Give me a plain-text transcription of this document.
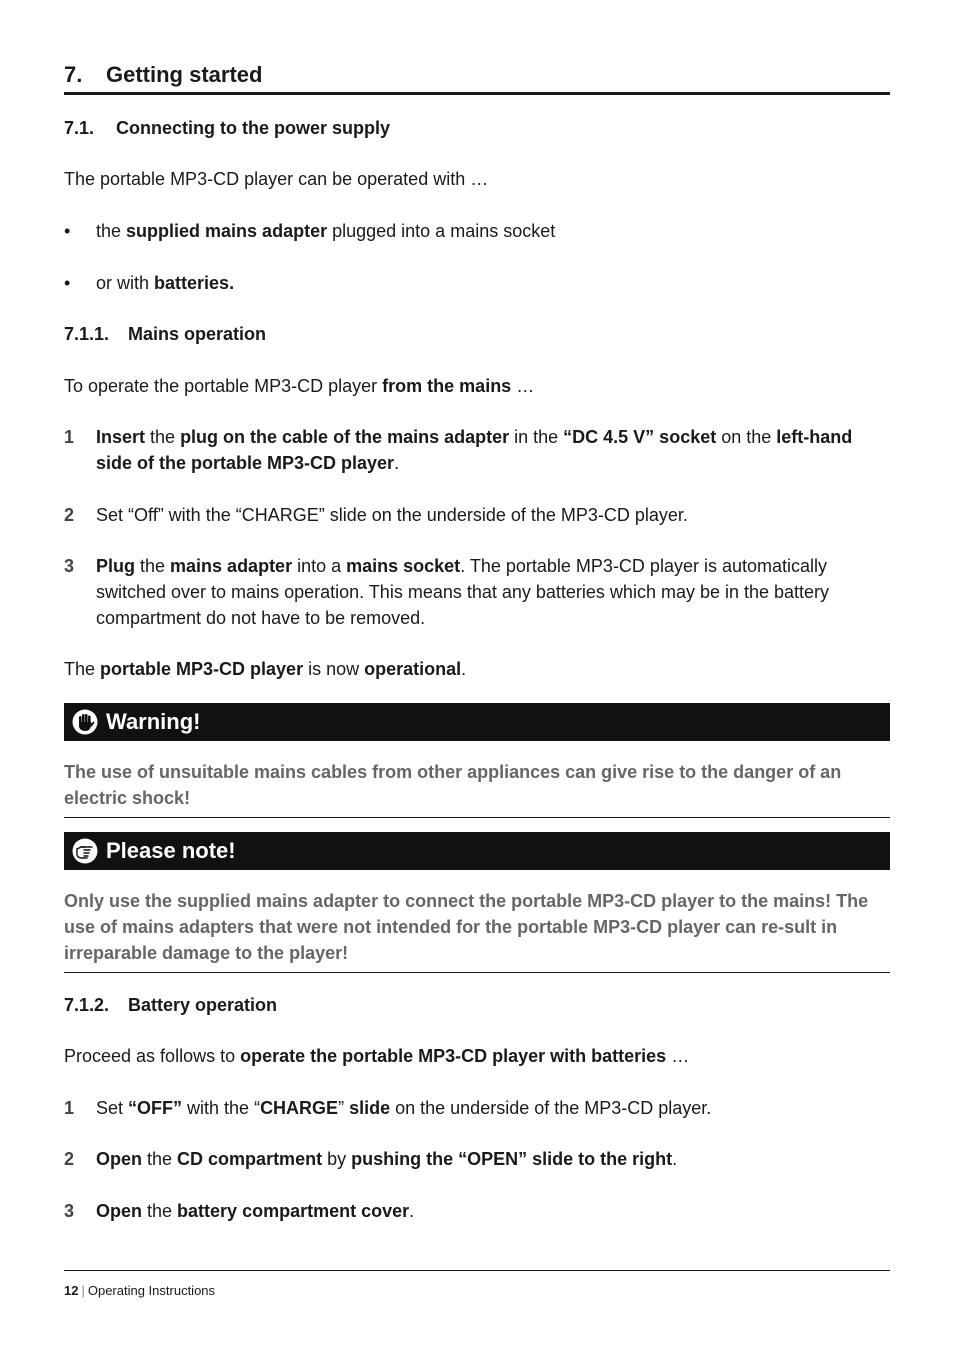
7. Getting started
7.1. Connecting to the power supply
The portable MP3-CD player can be operated with …
•	the supplied mains adapter plugged into a mains socket
•	or with batteries.
7.1.1. Mains operation
To operate the portable MP3-CD player from the mains …
1	Insert the plug on the cable of the mains adapter in the “DC 4.5 V” socket on the left-hand side of the portable MP3-CD player.
2	Set “Off” with the “CHARGE” slide on the underside of the MP3-CD player.
3	Plug the mains adapter into a mains socket. The portable MP3-CD player is automatically switched over to mains operation. This means that any batteries which may be in the battery compartment do not have to be removed.
The portable MP3-CD player is now operational.
Warning!
The use of unsuitable mains cables from other appliances can give rise to the danger of an electric shock!
Please note!
Only use the supplied mains adapter to connect the portable MP3-CD player to the mains! The use of mains adapters that were not intended for the portable MP3-CD player can re-sult in irreparable damage to the player!
7.1.2. Battery operation
Proceed as follows to operate the portable MP3-CD player with batteries …
1	Set “OFF” with the “CHARGE” slide on the underside of the MP3-CD player.
2	Open the CD compartment by pushing the “OPEN” slide to the right.
3	Open the battery compartment cover.
12 | Operating Instructions
